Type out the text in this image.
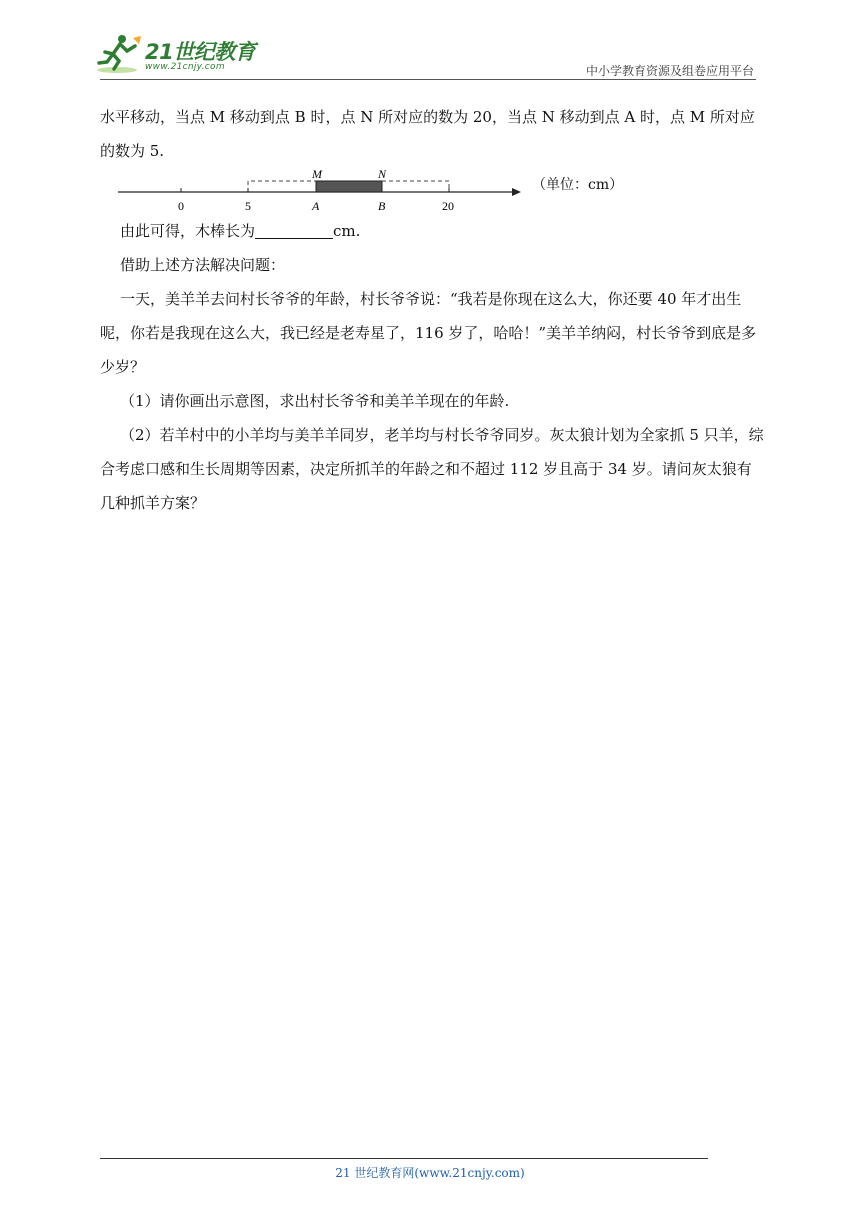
21世纪教育
www.21cnjy.com	中小学教育资源及组卷应用平台

水平移动，当点 M 移动到点 B 时，点 N 所对应的数为 20，当点 N 移动到点 A 时，点 M 所对应的数为 5.

M	N
0	5	A	B	20
（单位：cm）

由此可得，木棒长为	cm.

借助上述方法解决问题：

一天，美羊羊去问村长爷爷的年龄，村长爷爷说：“我若是你现在这么大，你还要 40 年才出生呢，你若是我现在这么大，我已经是老寿星了，116 岁了，哈哈！”美羊羊纳闷，村长爷爷到底是多少岁？

（1）请你画出示意图，求出村长爷爷和美羊羊现在的年龄.

（2）若羊村中的小羊均与美羊羊同岁，老羊均与村长爷爷同岁。灰太狼计划为全家抓 5 只羊，综合考虑口感和生长周期等因素，决定所抓羊的年龄之和不超过 112 岁且高于 34 岁。请问灰太狼有几种抓羊方案？

21 世纪教育网(www.21cnjy.com)
